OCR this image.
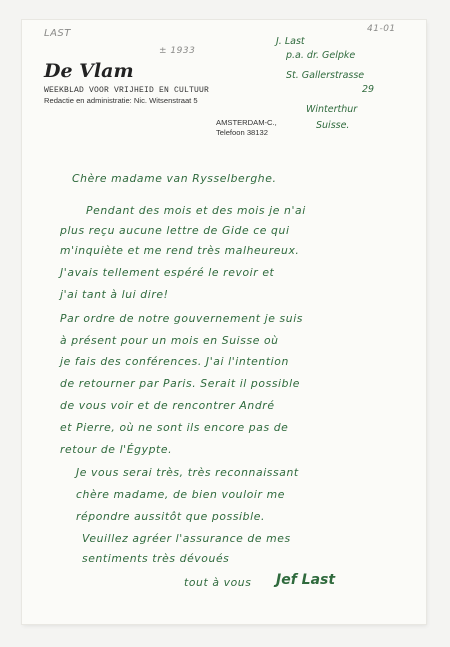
LAST
± 1933
41-01
De Vlam
WEEKBLAD VOOR VRIJHEID EN CULTUUR
Redactie en administratie: Nic. Witsenstraat 5
AMSTERDAM-C.,
Telefoon 38132
J. Last
p.a. dr. Gelpke
St. Gallerstrasse
29
Winterthur
Suisse.
Chère madame van Rysselberghe.
Pendant des mois et des mois je n'ai
plus reçu aucune lettre de Gide ce qui
m'inquiète et me rend très malheureux.
J'avais tellement espéré le revoir et
j'ai tant à lui dire!
Par ordre de notre gouvernement je suis
à présent pour un mois en Suisse où
je fais des conférences. J'ai l'intention
de retourner par Paris. Serait il possible
de vous voir et de rencontrer André
et Pierre, où ne sont ils encore pas de
retour de l'Égypte.
Je vous serai très, très reconnaissant
chère madame, de bien vouloir me
répondre aussitôt que possible.
Veuillez agréer l'assurance de mes
sentiments très dévoués
tout à vous Jef Last
